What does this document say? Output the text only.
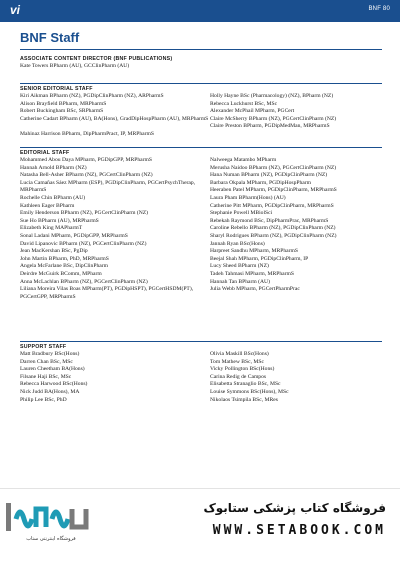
vi	BNF 80
BNF Staff
ASSOCIATE CONTENT DIRECTOR (BNF PUBLICATIONS)
Kate Towers BPharm (AU), GCClinPharm (AU)
SENIOR EDITORIAL STAFF
Kiri Aikman BPharm (NZ), PGDipClinPharm (NZ), ARPharmS
Alison Brayfield BPharm, MRPharmS
Robert Buckingham BSc, SRPharmS
Catherine Cadart BPharm (AU), BA(Hons), GradDipHospPharm (AU), MRPharmS
Mahinaz Harrison BPharm, DipPharmPract, IP, MRPharmS
Holly Hayne BSc (Pharmacology) (NZ), BPharm (NZ)
Rebecca Luckhurst BSc, MSc
Alexander McPhail MPharm, PGCert
Claire McSherry BPharm (NZ), PGCertClinPharm (NZ)
Claire Preston BPharm, PGDipMedMan, MRPharmS
EDITORIAL STAFF
Mohammed Abou Daya MPharm, PGDipGPP, MRPharmS
Hannah Arnold BPharm (NZ)
Natasha Bell-Asher BPharm (NZ), PGCertClinPharm (NZ)
Lucia Camañas Sáez MPharm (ESP), PGDipClinPharm, PGCertPsychTherap, MRPharmS
Rochelle Chin BPharm (AU)
Kathleen Eager BPharm
Emily Henderson BPharm (NZ), PGCertClinPharm (NZ)
Sue Ho BPharm (AU), MRPharmS
Elizabeth King MAPharmT
Sonal Ladani MPharm, PGDipGPP, MRPharmS
David Lipanovic BPharm (NZ), PGCertClinPharm (NZ)
Jean MacKershan BSc, PgDip
John Martin BPharm, PhD, MRPharmS
Angela McFarlane BSc, DipClinPharm
Deirdre McGuirk BComm, MPharm
Anna McLachlan BPharm (NZ), PGCertClinPharm (NZ)
Liliana Moreira Vilas Boas MPharm(PT), PGDipHSPT), PGCertHSDM(PT), PGCertGPP, MRPharmS
Nalweega Matambo MPharm
Merusha Naidoo BPharm (NZ), PGCertClinPharm (NZ)
Hana Numan BPharm (NZ), PGDipClinPharm (NZ)
Barbara Okpala MPharm, PGDipHospPharm
Heeraben Patel MPharm, PGDipClinPharm, MRPharmS
Laura Pham BPharm(Hons) (AU)
Catherine Pitt MPharm, PGDipClinPharm, MRPharmS
Stephanie Powell MBiolSci
Rebekah Raymond BSc, DipPharmPrac, MRPharmS
Caroline Rebello BPharm (NZ), PGDipClinPharm (NZ)
Sharyl Rodrigues BPharm (NZ), PGDipClinPharm (NZ)
Jannah Ryan BSc(Hons)
Harpreet Sandhu MPharm, MRPharmS
Beejal Shah MPharm, PGDipClinPharm, IP
Lucy Sheed BPharm (NZ)
Tadeh Tahmasi MPharm, MRPharmS
Hannah Tan BPharm (AU)
Julia Webb MPharm, PGCertPharmPrac
SUPPORT STAFF
Matt Bradbury BSc(Hons)
Darren Chan BSc, MSc
Lauren Cheetham BA(Hons)
Filsane Haji BSc, MSc
Rebecca Harwood BSc(Hons)
Nick Judd BA(Hons), MA
Philip Lee BSc, PhD
Olivia Maskill BSc(Hons)
Tom Mathew BSc, MSc
Vicky Pollington BSc(Hons)
Carina Redig de Campos
Elisabetta Stranaglio BSc, MSc
Louise Symmons BSc(Hons), MSc
Nikolaos Tsimpila BSc, MRes
فروشگاه اینترنتی ستاب
فروشگاه کتاب پزشکی ستابوک
WWW.SETABOOK.COM
